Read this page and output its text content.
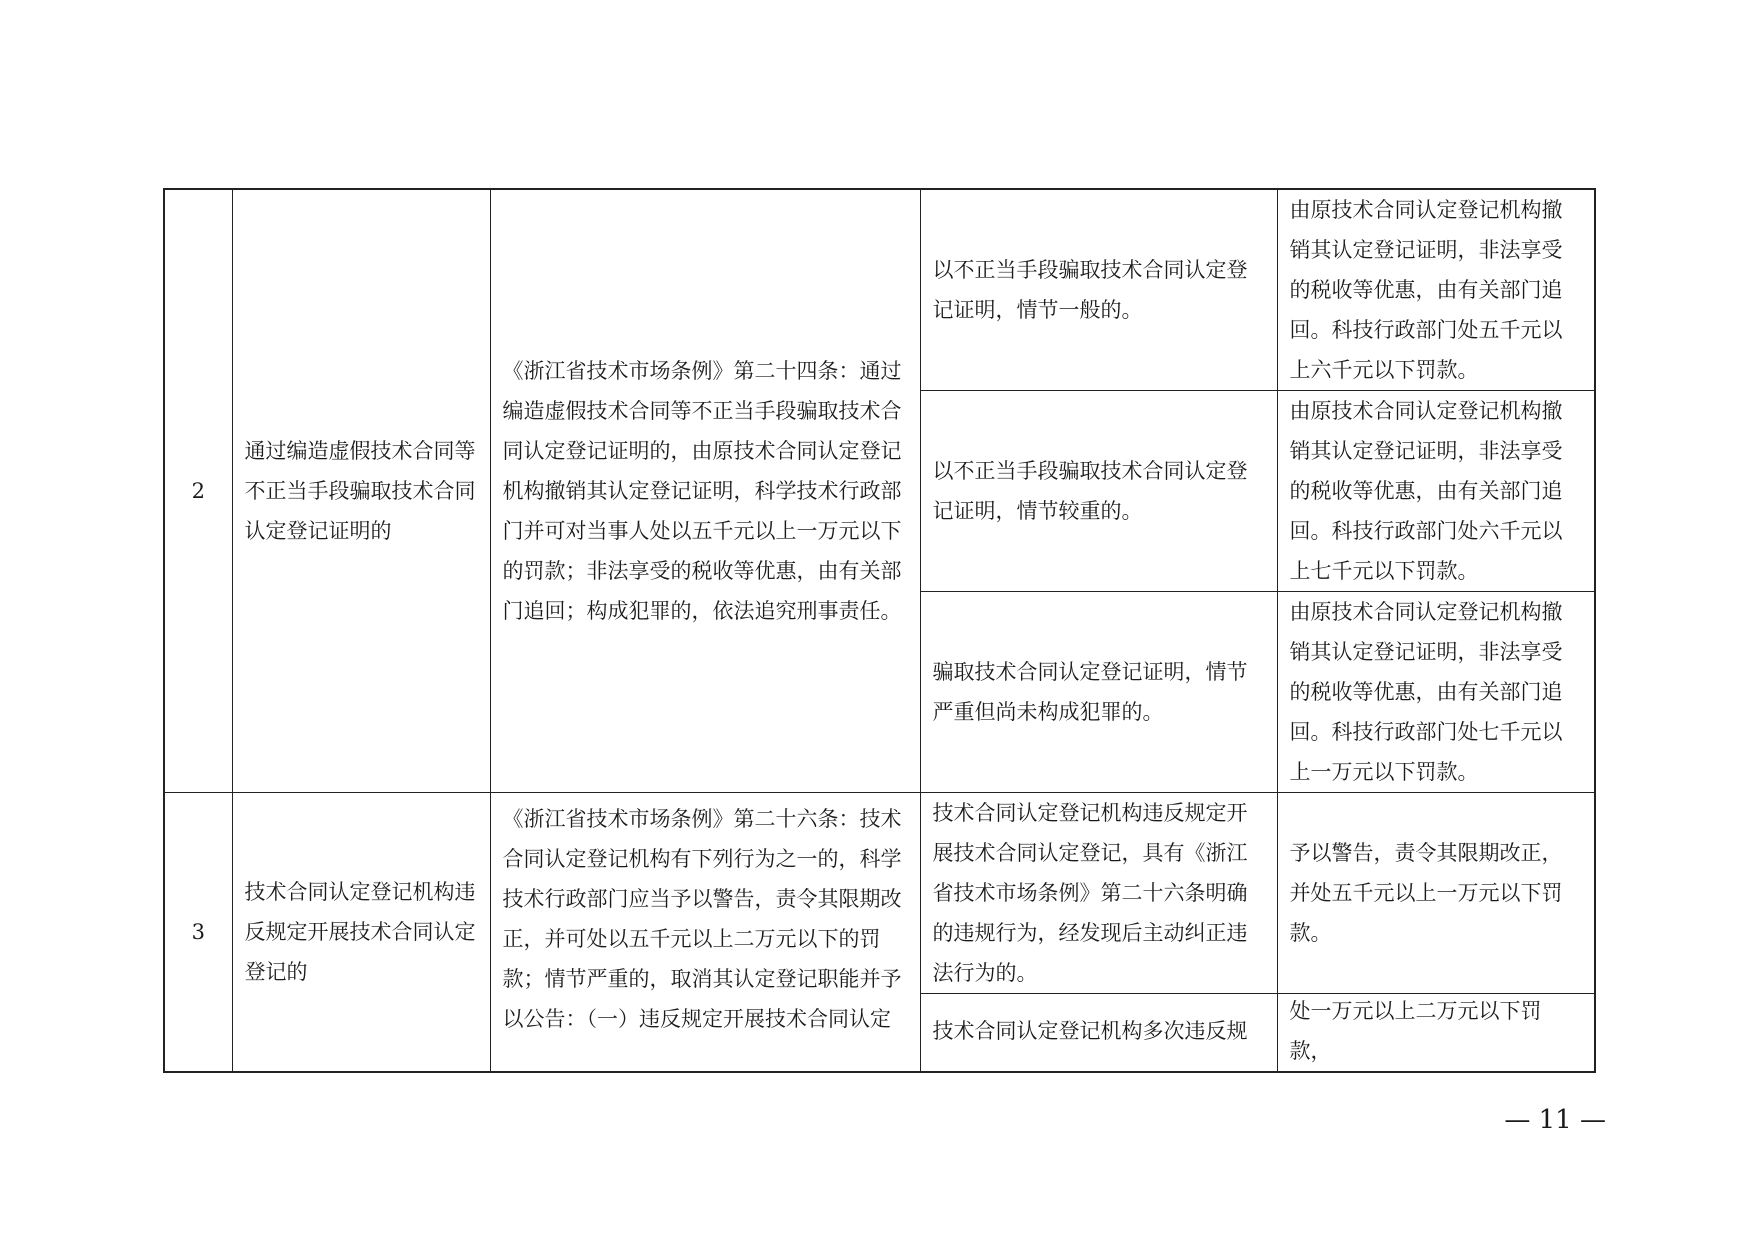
2	通过编造虚假技术合同等不正当手段骗取技术合同认定登记证明的	《浙江省技术市场条例》第二十四条：通过编造虚假技术合同等不正当手段骗取技术合同认定登记证明的，由原技术合同认定登记机构撤销其认定登记证明，科学技术行政部门并可对当事人处以五千元以上一万元以下的罚款；非法享受的税收等优惠，由有关部门追回；构成犯罪的，依法追究刑事责任。	以不正当手段骗取技术合同认定登记证明，情节一般的。	由原技术合同认定登记机构撤销其认定登记证明，非法享受的税收等优惠，由有关部门追回。科技行政部门处五千元以上六千元以下罚款。
			以不正当手段骗取技术合同认定登记证明，情节较重的。	由原技术合同认定登记机构撤销其认定登记证明，非法享受的税收等优惠，由有关部门追回。科技行政部门处六千元以上七千元以下罚款。
			骗取技术合同认定登记证明，情节严重但尚未构成犯罪的。	由原技术合同认定登记机构撤销其认定登记证明，非法享受的税收等优惠，由有关部门追回。科技行政部门处七千元以上一万元以下罚款。
3	技术合同认定登记机构违反规定开展技术合同认定登记的	《浙江省技术市场条例》第二十六条：技术合同认定登记机构有下列行为之一的，科学技术行政部门应当予以警告，责令其限期改正，并可处以五千元以上二万元以下的罚款；情节严重的，取消其认定登记职能并予以公告：（一）违反规定开展技术合同认定	技术合同认定登记机构违反规定开展技术合同认定登记，具有《浙江省技术市场条例》第二十六条明确的违规行为，经发现后主动纠正违法行为的。	予以警告，责令其限期改正，并处五千元以上一万元以下罚款。

			技术合同认定登记机构多次违反规	处一万元以上二万元以下罚款，
— 11 —
